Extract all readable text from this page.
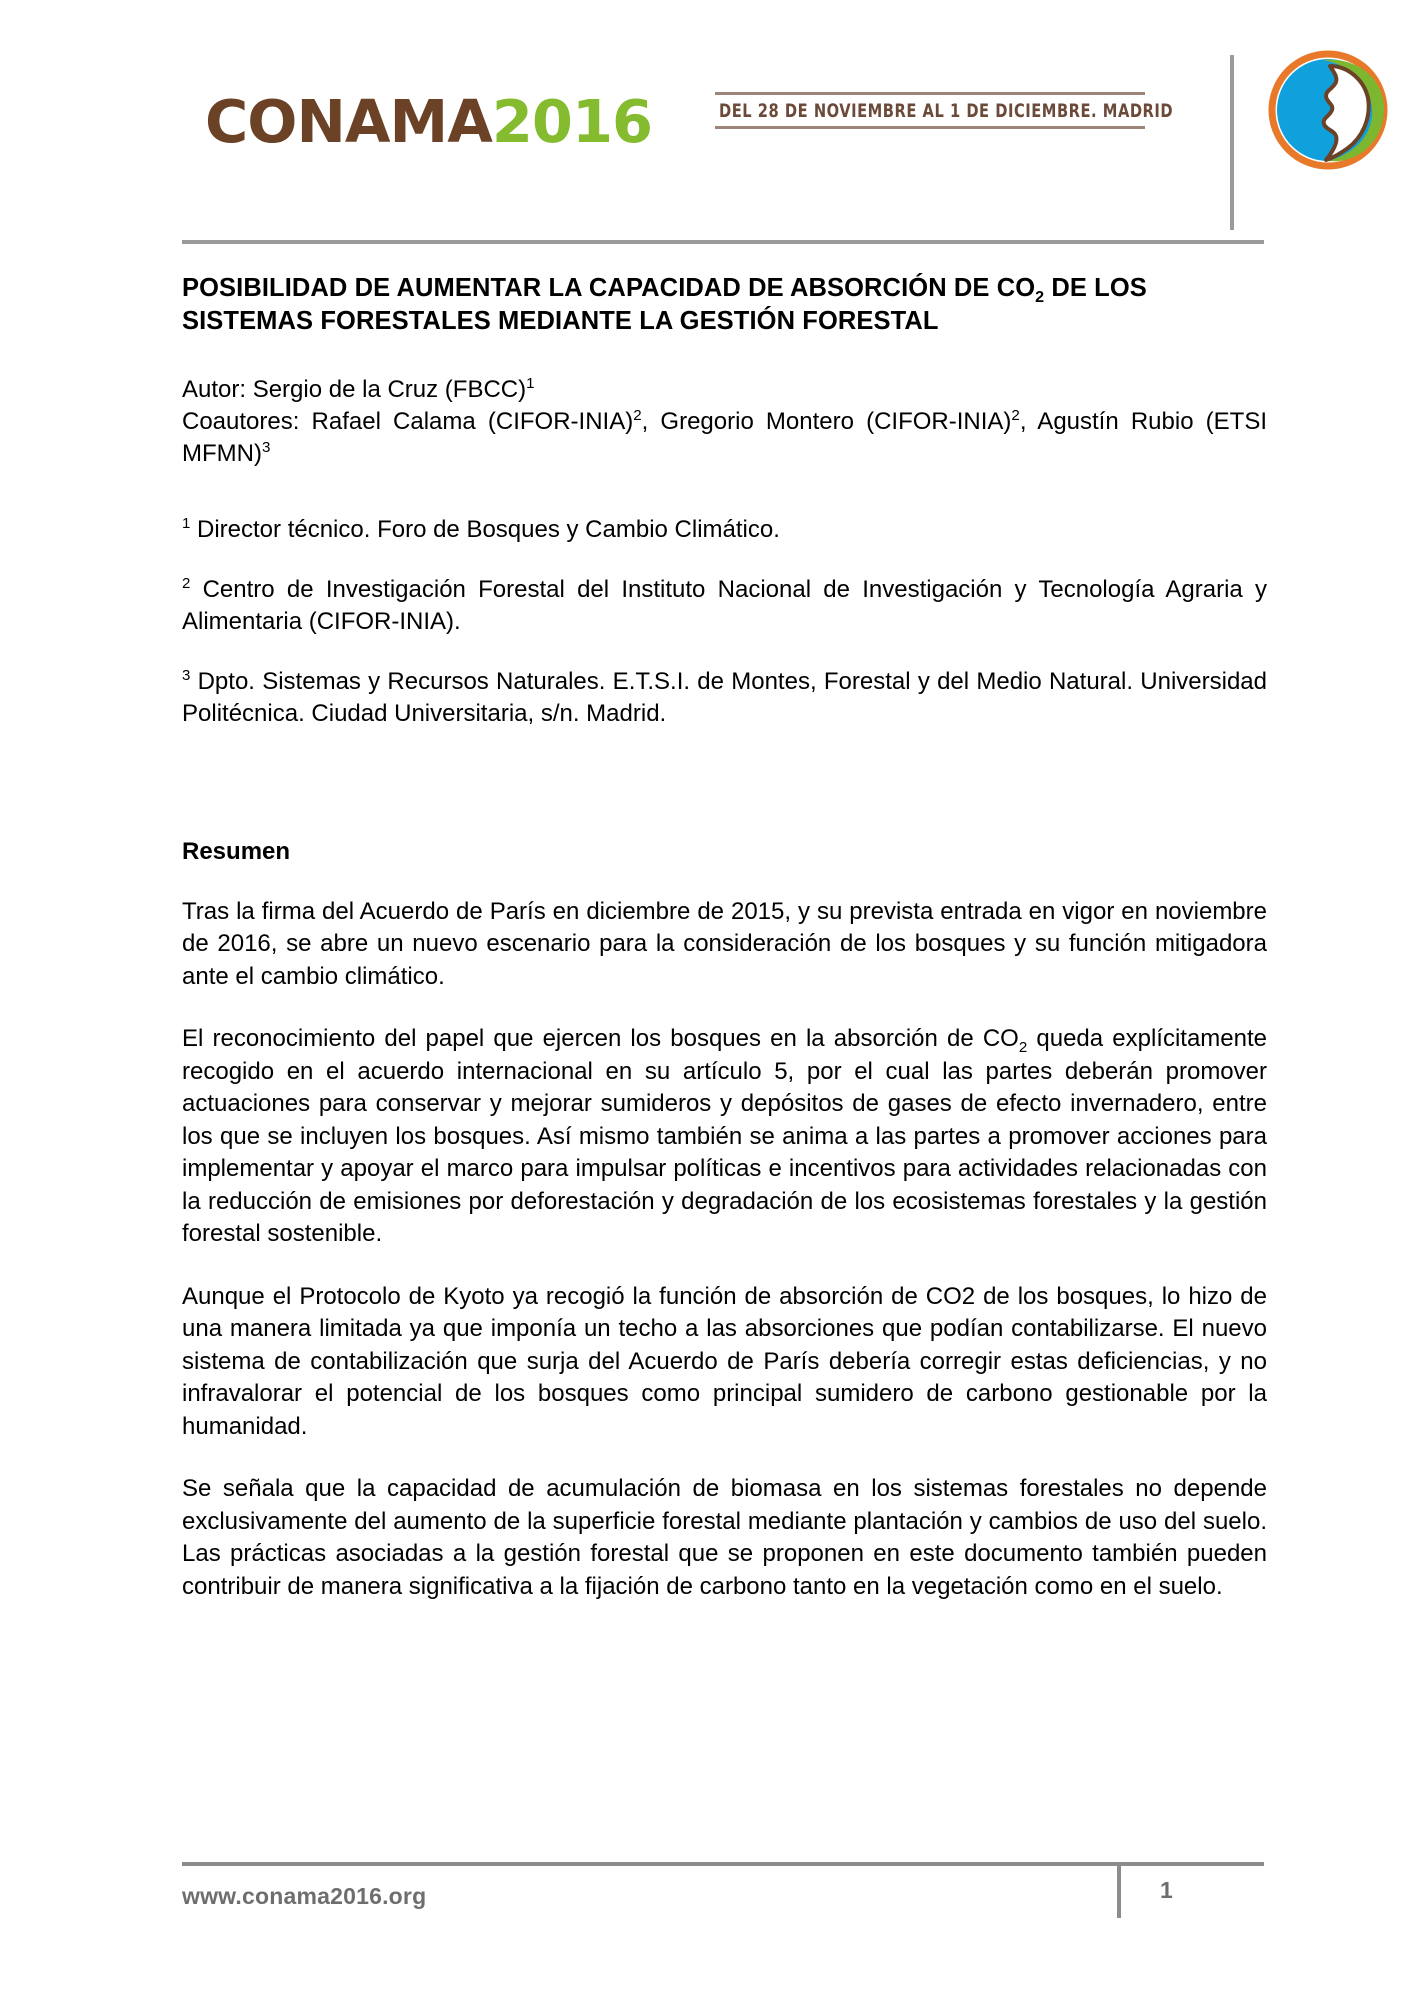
CONAMA2016	DEL 28 DE NOVIEMBRE AL 1 DE DICIEMBRE. MADRID
POSIBILIDAD DE AUMENTAR LA CAPACIDAD DE ABSORCIÓN DE $CO_2$ DE LOS
SISTEMAS FORESTALES MEDIANTE LA GESTIÓN FORESTAL
Autor: Sergio de la Cruz (FBCC)$^1$
Coautores: Rafael Calama (CIFOR-INIA)$^2$, Gregorio Montero (CIFOR-INIA)$^2$, Agustín Rubio (ETSI MFMN)$^3$

$^1$ Director técnico. Foro de Bosques y Cambio Climático.

$^2$ Centro de Investigación Forestal del Instituto Nacional de Investigación y Tecnología Agraria y Alimentaria (CIFOR-INIA).

$^3$ Dpto. Sistemas y Recursos Naturales. E.T.S.I. de Montes, Forestal y del Medio Natural. Universidad Politécnica. Ciudad Universitaria, s/n. Madrid.

Resumen

Tras la firma del Acuerdo de París en diciembre de 2015, y su prevista entrada en vigor en noviembre de 2016, se abre un nuevo escenario para la consideración de los bosques y su función mitigadora ante el cambio climático.

El reconocimiento del papel que ejercen los bosques en la absorción de $CO_2$ queda explícitamente recogido en el acuerdo internacional en su artículo 5, por el cual las partes deberán promover actuaciones para conservar y mejorar sumideros y depósitos de gases de efecto invernadero, entre los que se incluyen los bosques. Así mismo también se anima a las partes a promover acciones para implementar y apoyar el marco para impulsar políticas e incentivos para actividades relacionadas con la reducción de emisiones por deforestación y degradación de los ecosistemas forestales y la gestión forestal sostenible.

Aunque el Protocolo de Kyoto ya recogió la función de absorción de CO2 de los bosques, lo hizo de una manera limitada ya que imponía un techo a las absorciones que podían contabilizarse. El nuevo sistema de contabilización que surja del Acuerdo de París debería corregir estas deficiencias, y no infravalorar el potencial de los bosques como principal sumidero de carbono gestionable por la humanidad.

Se señala que la capacidad de acumulación de biomasa en los sistemas forestales no depende exclusivamente del aumento de la superficie forestal mediante plantación y cambios de uso del suelo. Las prácticas asociadas a la gestión forestal que se proponen en este documento también pueden contribuir de manera significativa a la fijación de carbono tanto en la vegetación como en el suelo.

www.conama2016.org	1
